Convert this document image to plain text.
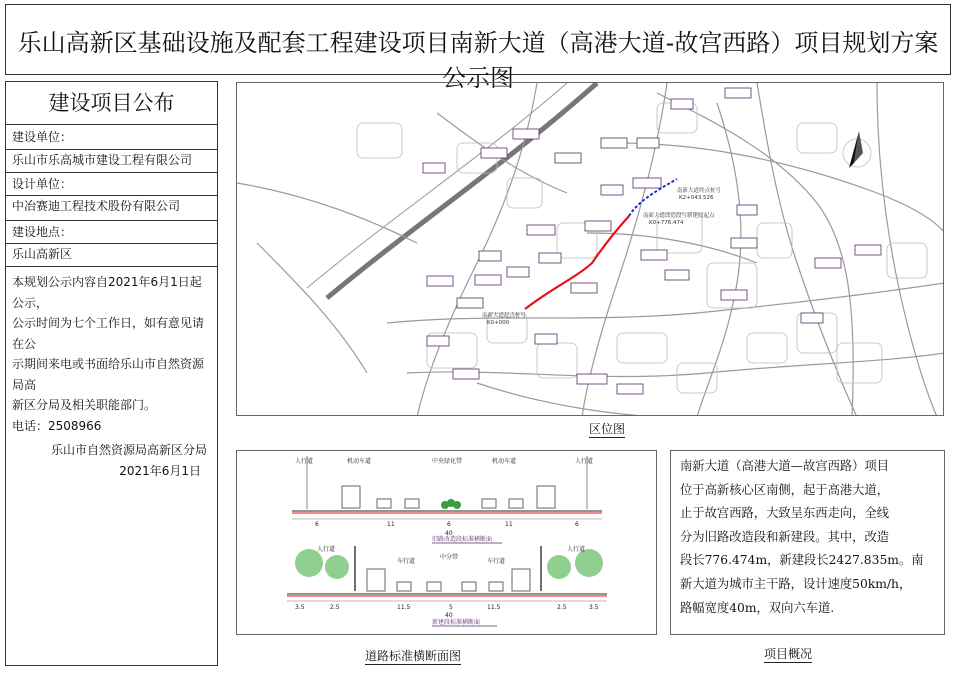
乐山高新区基础设施及配套工程建设项目南新大道（高港大道-故宫西路）项目规划方案公示图
建设项目公布
建设单位：
乐山市乐高城市建设工程有限公司
设计单位：
中冶赛迪工程技术股份有限公司
建设地点：
乐山高新区
本规划公示内容自2021年6月1日起公示，
公示时间为七个工作日，如有意见请在公
示期间来电或书面给乐山市自然资源局高
新区分局及相关职能部门。
电话：2508966
乐山市自然资源局高新区分局
2021年6月1日
南新大道起点桩号
K0+000
南新大道终点桩号
K2+043.526
南新大道改造段与新建段起点
K0+776.474
区位图
6	11	6	11	6
40
人行道	机动车道	中央绿化带	机动车道	人行道
旧路改造段标准横断面
3.5	2.5	11.5	5	11.5	2.5	3.5
40
人行道
车行道
中分带
车行道
人行道
新建段标准横断面
道路标准横断面图
南新大道（高港大道—故宫西路）项目
位于高新核心区南侧，起于高港大道，
止于故宫西路，大致呈东西走向，全线
分为旧路改造段和新建段。其中，改造
段长776.474m，新建段长2427.835m。南
新大道为城市主干路，设计速度50km/h，
路幅宽度40m，双向六车道.
项目概况
